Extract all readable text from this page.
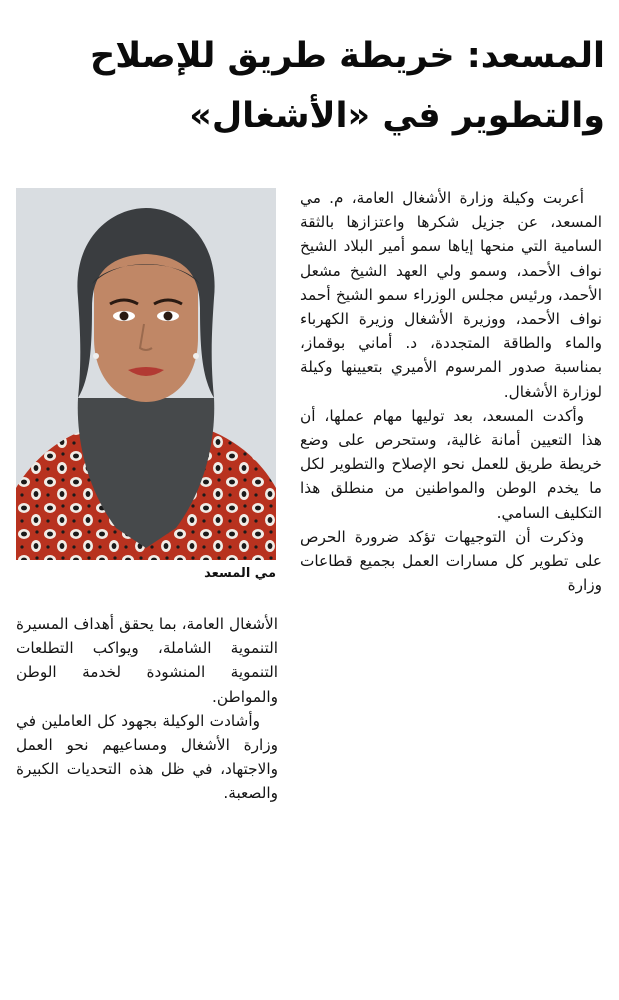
المسعد: خريطة طريق للإصلاح
والتطوير في «الأشغال»
مي المسعد

أعربت وكيلة وزارة الأشغال العامة، م. مي المسعد، عن جزيل شكرها واعتزازها بالثقة السامية التي منحها إياها سمو أمير البلاد الشيخ نواف الأحمد، وسمو ولي العهد الشيخ مشعل الأحمد، ورئيس مجلس الوزراء سمو الشيخ أحمد نواف الأحمد، ووزيرة الأشغال وزيرة الكهرباء والماء والطاقة المتجددة، د. أماني بوقماز، بمناسبة صدور المرسوم الأميري بتعيينها وكيلة لوزارة الأشغال.

وأكدت المسعد، بعد توليها مهام عملها، أن هذا التعيين أمانة غالية، وستحرص على وضع خريطة طريق للعمل نحو الإصلاح والتطوير لكل ما يخدم الوطن والمواطنين من منطلق هذا التكليف السامي.

وذكرت أن التوجيهات تؤكد ضرورة الحرص على تطوير كل مسارات العمل بجميع قطاعات وزارة

الأشغال العامة، بما يحقق أهداف المسيرة التنموية الشاملة، ويواكب التطلعات التنموية المنشودة لخدمة الوطن والمواطن.

وأشادت الوكيلة بجهود كل العاملين في وزارة الأشغال ومساعيهم نحو العمل والاجتهاد، في ظل هذه التحديات الكبيرة والصعبة.
